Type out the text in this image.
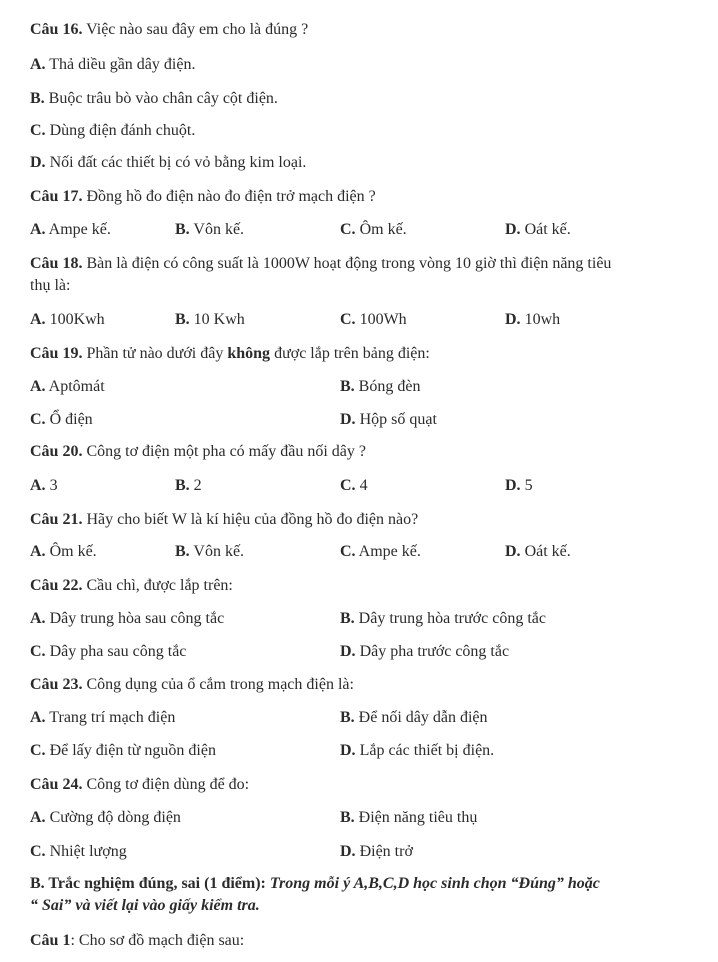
Câu 16. Việc nào sau đây em cho là đúng ?
A. Thả diều gần dây điện.
B. Buộc trâu bò vào chân cây cột điện.
C. Dùng điện đánh chuột.
D. Nối đất các thiết bị có vỏ bằng kim loại.
Câu 17. Đồng hồ đo điện nào đo điện trở mạch điện ?
A. Ampe kế.	B. Vôn kế.	C. Ôm kế.	D. Oát kế.
Câu 18. Bàn là điện có công suất là 1000W hoạt động trong vòng 10 giờ thì điện năng tiêu
thụ là:
A. 100Kwh	B. 10 Kwh	C. 100Wh	D. 10wh
Câu 19. Phần tử nào dưới đây không được lắp trên bảng điện:
A. Aptômát	B. Bóng đèn
C. Ổ điện	D. Hộp số quạt
Câu 20. Công tơ điện một pha có mấy đầu nối dây ?
A. 3	B. 2	C. 4	D. 5
Câu 21. Hãy cho biết W là kí hiệu của đồng hồ đo điện nào?
A. Ôm kế.	B. Vôn kế.	C. Ampe kế.	D. Oát kế.
Câu 22. Cầu chì, được lắp trên:
A. Dây trung hòa sau công tắc	B. Dây trung hòa trước công tắc
C. Dây pha sau công tắc	D. Dây pha trước công tắc
Câu 23. Công dụng của ổ cắm trong mạch điện là:
A. Trang trí mạch điện	B. Để nối dây dẫn điện
C. Để lấy điện từ nguồn điện	D. Lắp các thiết bị điện.
Câu 24. Công tơ điện dùng để đo:
A. Cường độ dòng điện	B. Điện năng tiêu thụ
C. Nhiệt lượng	D. Điện trở
B. Trắc nghiệm đúng, sai (1 điểm): Trong mỗi ý A,B,C,D học sinh chọn “Đúng” hoặc
“ Sai” và viết lại vào giấy kiểm tra.
Câu 1: Cho sơ đồ mạch điện sau:
